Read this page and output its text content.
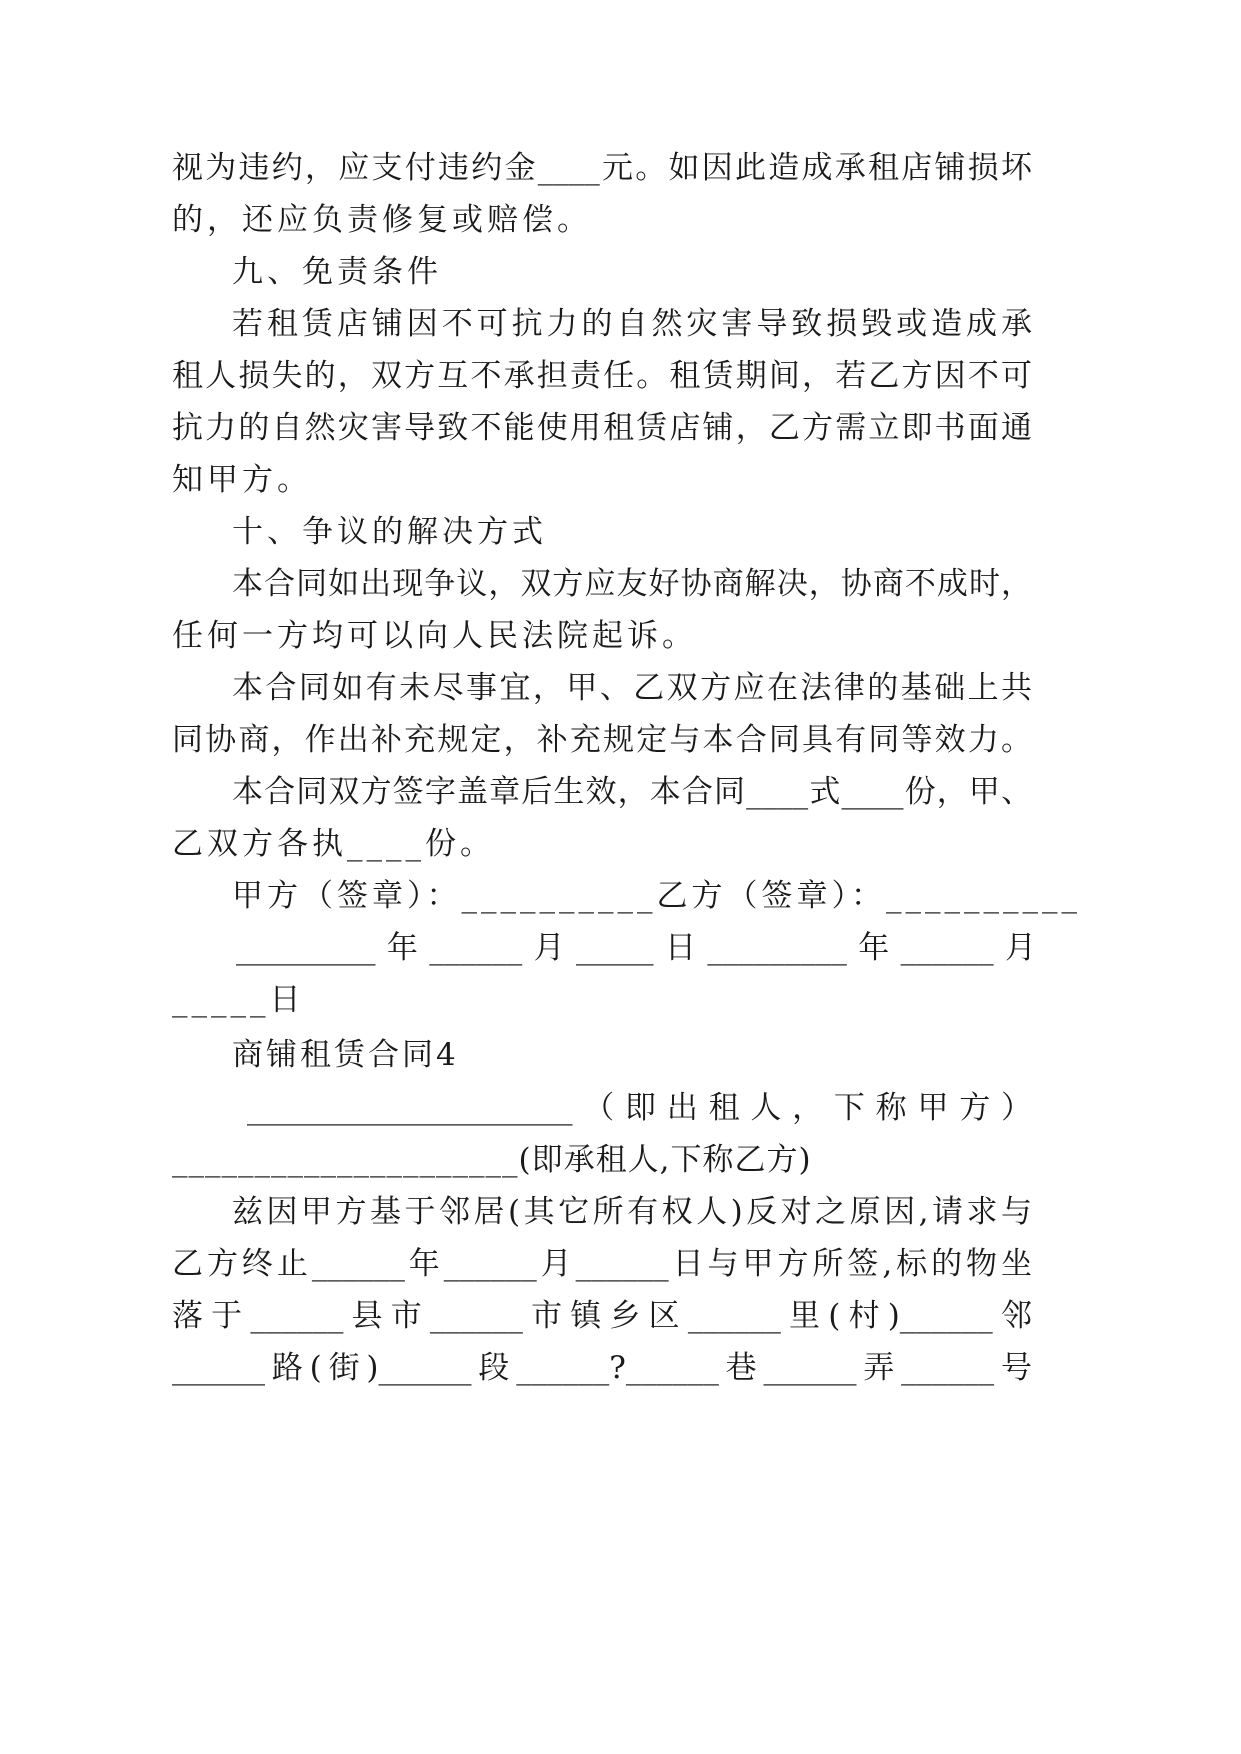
视为违约，应支付违约金____元。如因此造成承租店铺损坏
的，还应负责修复或赔偿。
九、免责条件
若租赁店铺因不可抗力的自然灾害导致损毁或造成承
租人损失的，双方互不承担责任。租赁期间，若乙方因不可
抗力的自然灾害导致不能使用租赁店铺，乙方需立即书面通
知甲方。
十、争议的解决方式
本合同如出现争议，双方应友好协商解决，协商不成时，
任何一方均可以向人民法院起诉。
本合同如有未尽事宜，甲、乙双方应在法律的基础上共
同协商，作出补充规定，补充规定与本合同具有同等效力。
本合同双方签字盖章后生效，本合同____式____份，甲、
乙双方各执____份。
甲方（签章）：__________乙方（签章）：__________
_________年______月_____日_________年______月
_____日
商铺租赁合同4
_____________________（即出租人，下称甲方）
_____________________(即承租人,下称乙方)
兹因甲方基于邻居(其它所有权人)反对之原因,请求与
乙方终止______年______月______日与甲方所签,标的物坐
落于______县市______市镇乡区______里(村)______邻
______路(街)______段______?______巷______弄______号
